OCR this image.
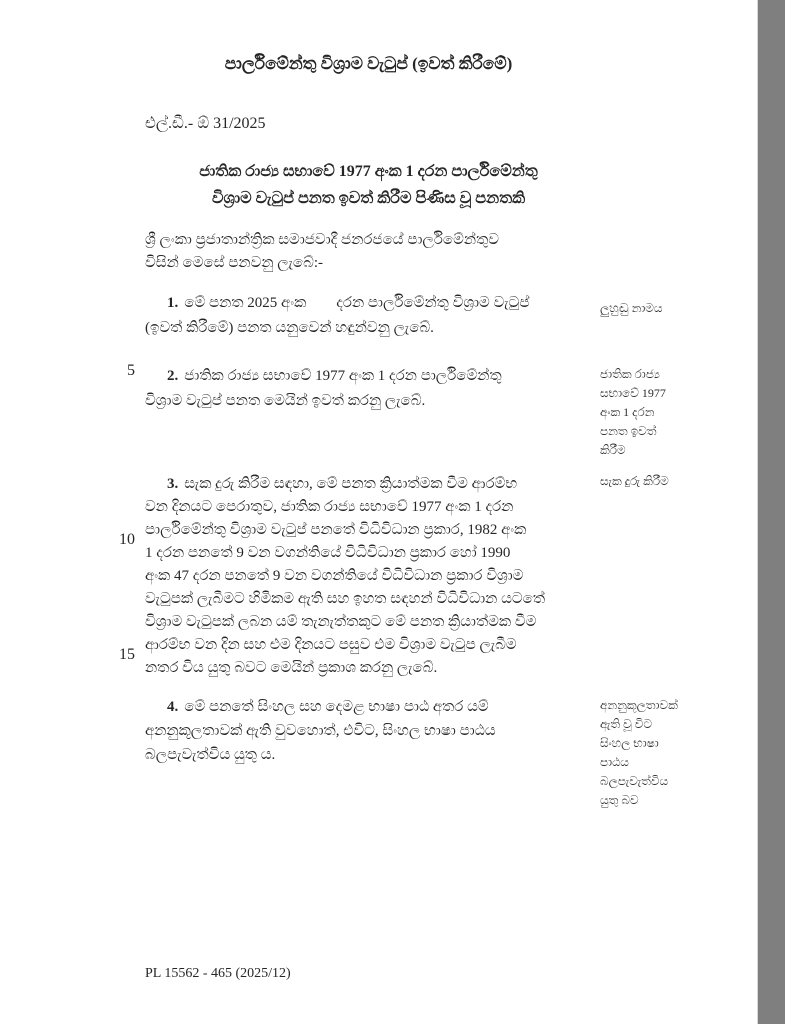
පාර්ලිමේන්තු විශ්‍රාම වැටුප් (ඉවත් කිරීමේ)
එල්.ඩී.- ඕ 31/2025
ජාතික රාජ්‍ය සභාවේ 1977 අංක 1 දරන පාර්ලිමේන්තු
විශ්‍රාම වැටුප් පනත ඉවත් කිරීම පිණිස වූ පනතකි
ශ්‍රී ලංකා ප්‍රජාතාන්ත්‍රික සමාජවාදී ජනරජයේ පාර්ලිමේන්තුව
විසින් මෙසේ පනවනු ලැබේ:-
1. මේ පනත 2025 අංක        දරන පාර්ලිමේන්තු විශ්‍රාම වැටුප්
(ඉවත් කිරීමේ) පනත යනුවෙන් හඳුන්වනු ලැබේ.
ලුහුඬු නාමය
5	2. ජාතික රාජ්‍ය සභාවේ 1977 අංක 1 දරන පාර්ලිමේන්තු
විශ්‍රාම වැටුප් පනත මෙයින් ඉවත් කරනු ලැබේ.
ජාතික රාජ්‍ය
සභාවේ 1977
අංක 1 දරන
පනත ඉවත්
කිරීම
3. සැක දුරු කිරීම සඳහා, මේ පනත ක්‍රියාත්මක වීම ආරම්භ
වන දිනයට පෙරාතුව, ජාතික රාජ්‍ය සභාවේ 1977 අංක 1 දරන
පාර්ලිමේන්තු විශ්‍රාම වැටුප් පනතේ විධිවිධාන ප්‍රකාර, 1982 අංක
1 දරන පනතේ 9 වන වගන්තියේ විධිවිධාන ප්‍රකාර හෝ 1990
අංක 47 දරන පනතේ 9 වන වගන්තියේ විධිවිධාන ප්‍රකාර විශ්‍රාම
වැටුපක් ලැබීමට හිමිකම ඇති සහ ඉහත සඳහන් විධිවිධාන යටතේ
විශ්‍රාම වැටුපක් ලබන යම් තැනැත්තකුට මේ පනත ක්‍රියාත්මක වීම
ආරම්භ වන දින සහ එම දිනයට පසුව එම විශ්‍රාම වැටුප ලැබීම
නතර විය යුතු බවට මෙයින් ප්‍රකාශ කරනු ලැබේ.
සැක දුරු කිරීම
10
15
4. මේ පනතේ සිංහල සහ දෙමළ භාෂා පාඨ අතර යම්
අනනුකූලතාවක් ඇති වුවහොත්, එවිට, සිංහල භාෂා පාඨය
බලපැවැත්විය යුතු ය.
අනනුකූලතාවක්
ඇති වූ විට
සිංහල භාෂා
පාඨය
බලපැවැත්විය
යුතු බව
PL 15562 - 465 (2025/12)
